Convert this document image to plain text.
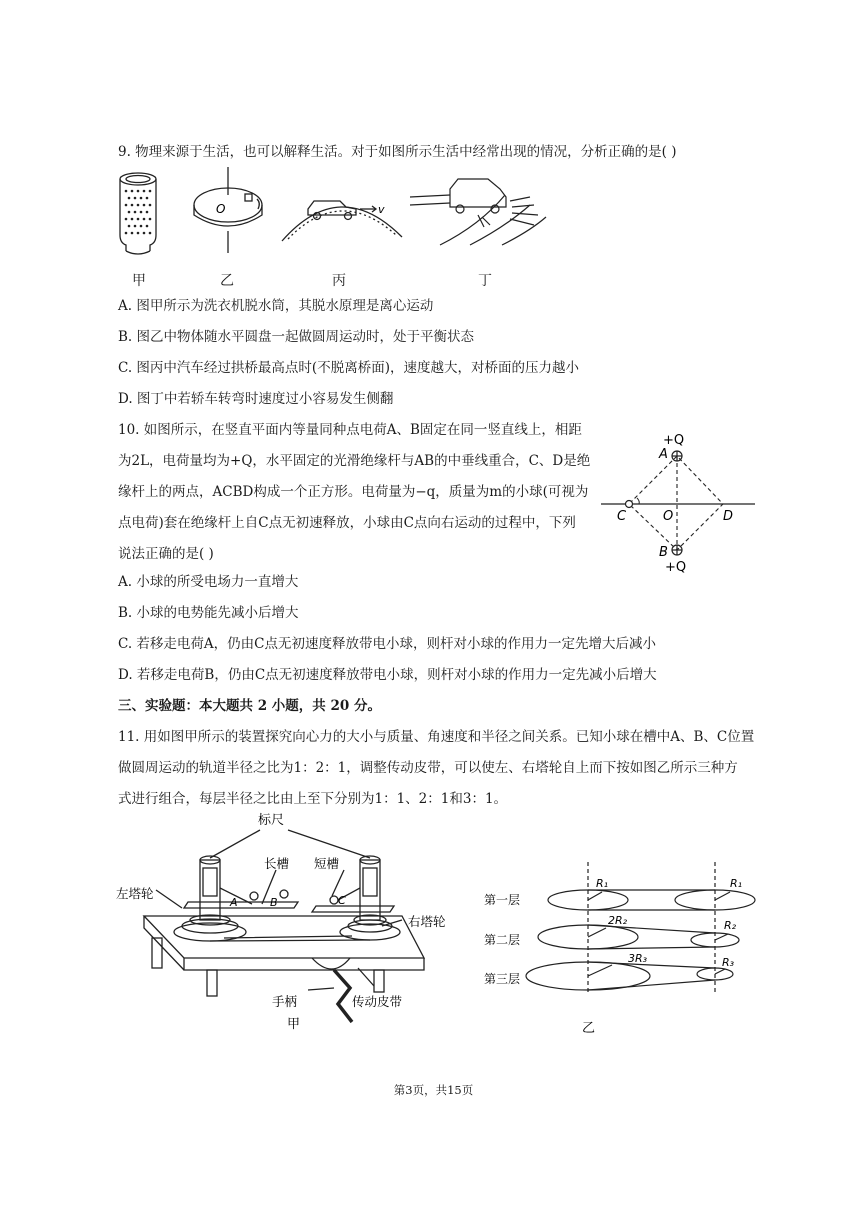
9. 物理来源于生活，也可以解释生活。对于如图所示生活中经常出现的情况，分析正确的是( )
O	v
甲	乙	丙	丁
A. 图甲所示为洗衣机脱水筒，其脱水原理是离心运动
B. 图乙中物体随水平圆盘一起做圆周运动时，处于平衡状态
C. 图丙中汽车经过拱桥最高点时(不脱离桥面)，速度越大，对桥面的压力越小
D. 图丁中若轿车转弯时速度过小容易发生侧翻
10. 如图所示，在竖直平面内等量同种点电荷A、B固定在同一竖直线上，相距
为2L，电荷量均为+Q，水平固定的光滑绝缘杆与AB的中垂线重合，C、D是绝
缘杆上的两点，ACBD构成一个正方形。电荷量为−q，质量为m的小球(可视为
点电荷)套在绝缘杆上自C点无初速释放，小球由C点向右运动的过程中，下列
说法正确的是( )
+Q
A
C	O	D
B
+Q
A. 小球的所受电场力一直增大
B. 小球的电势能先减小后增大
C. 若移走电荷A，仍由C点无初速度释放带电小球，则杆对小球的作用力一定先增大后减小
D. 若移走电荷B，仍由C点无初速度释放带电小球，则杆对小球的作用力一定先减小后增大
三、实验题：本大题共 2 小题，共 20 分。
11. 用如图甲所示的装置探究向心力的大小与质量、角速度和半径之间关系。已知小球在槽中A、B、C位置
做圆周运动的轨道半径之比为1：2：1，调整传动皮带，可以使左、右塔轮自上而下按如图乙所示三种方
式进行组合，每层半径之比由上至下分别为1：1、2：1和3：1。
标尺
长槽 短槽
左塔轮
右塔轮
手柄	传动皮带
A	B	C
甲
第一层
第二层
第三层
R₁
2R₂
3R₃
R₁
R₂
R₃
乙
第3页，共15页
